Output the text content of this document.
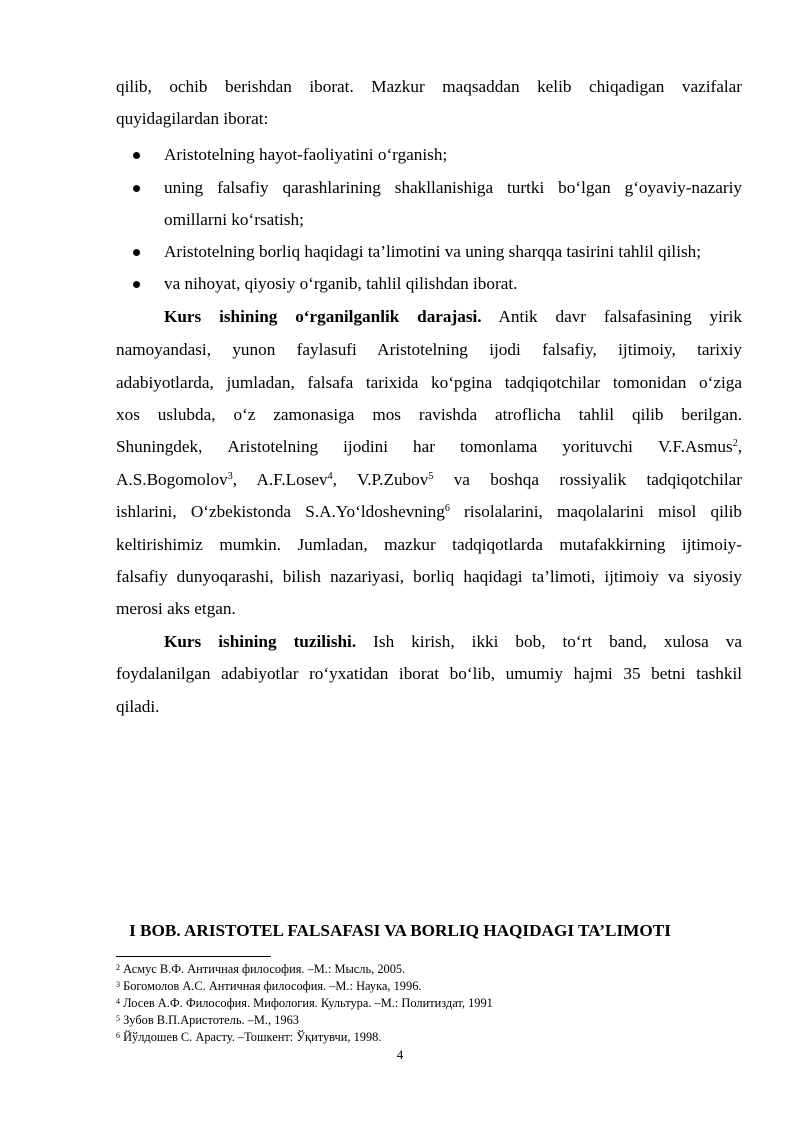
qilib, ochib berishdan iborat. Mazkur maqsaddan kelib chiqadigan vazifalar
quyidagilardan iborat:
Aristotelning hayot-faoliyatini o‘rganish;
uning falsafiy qarashlarining shakllanishiga turtki bo‘lgan g‘oyaviy-nazariy
omillarni ko‘rsatish;
Aristotelning borliq haqidagi ta’limotini va uning sharqqa tasirini tahlil qilish;
va nihoyat, qiyosiy o‘rganib, tahlil qilishdan iborat.
Kurs ishining o‘rganilganlik darajasi. Antik davr falsafasining yirik
namoyandasi, yunon faylasufi Aristotelning ijodi falsafiy, ijtimoiy, tarixiy
adabiyotlarda, jumladan, falsafa tarixida ko‘pgina tadqiqotchilar tomonidan o‘ziga
xos uslubda, o‘z zamonasiga mos ravishda atroflicha tahlil qilib berilgan.
Shuningdek, Aristotelning ijodini har tomonlama yorituvchi V.F.Asmus$^2$,
A.S.Bogomolov$^3$, A.F.Losev$^4$, V.P.Zubov$^5$ va boshqa rossiyalik tadqiqotchilar
ishlarini, O‘zbekistonda S.A.Yo‘ldoshevning$^6$ risolalarini, maqolalarini misol qilib
keltirishimiz mumkin. Jumladan, mazkur tadqiqotlarda mutafakkirning ijtimoiy-
falsafiy dunyoqarashi, bilish nazariyasi, borliq haqidagi ta’limoti, ijtimoiy va siyosiy
merosi aks etgan.
Kurs ishining tuzilishi. Ish kirish, ikki bob, to‘rt band, xulosa va
foydalanilgan adabiyotlar ro‘yxatidan iborat bo‘lib, umumiy hajmi 35 betni tashkil
qiladi.
I BOB. ARISTOTEL FALSAFASI VA BORLIQ HAQIDAGI TA’LIMOTI
$^2$ Асмус В.Ф. Античная философия. –М.: Мысль, 2005.
$^3$ Богомолов А.С. Античная философия. –М.: Наука, 1996.
$^4$ Лосев А.Ф. Философия. Мифология. Культура. –М.: Политиздат, 1991
$^5$ Зубов В.П.Аристотель. –М., 1963
$^6$ Йўлдошев С. Арасту. –Тошкент: Ўқитувчи, 1998.
4
